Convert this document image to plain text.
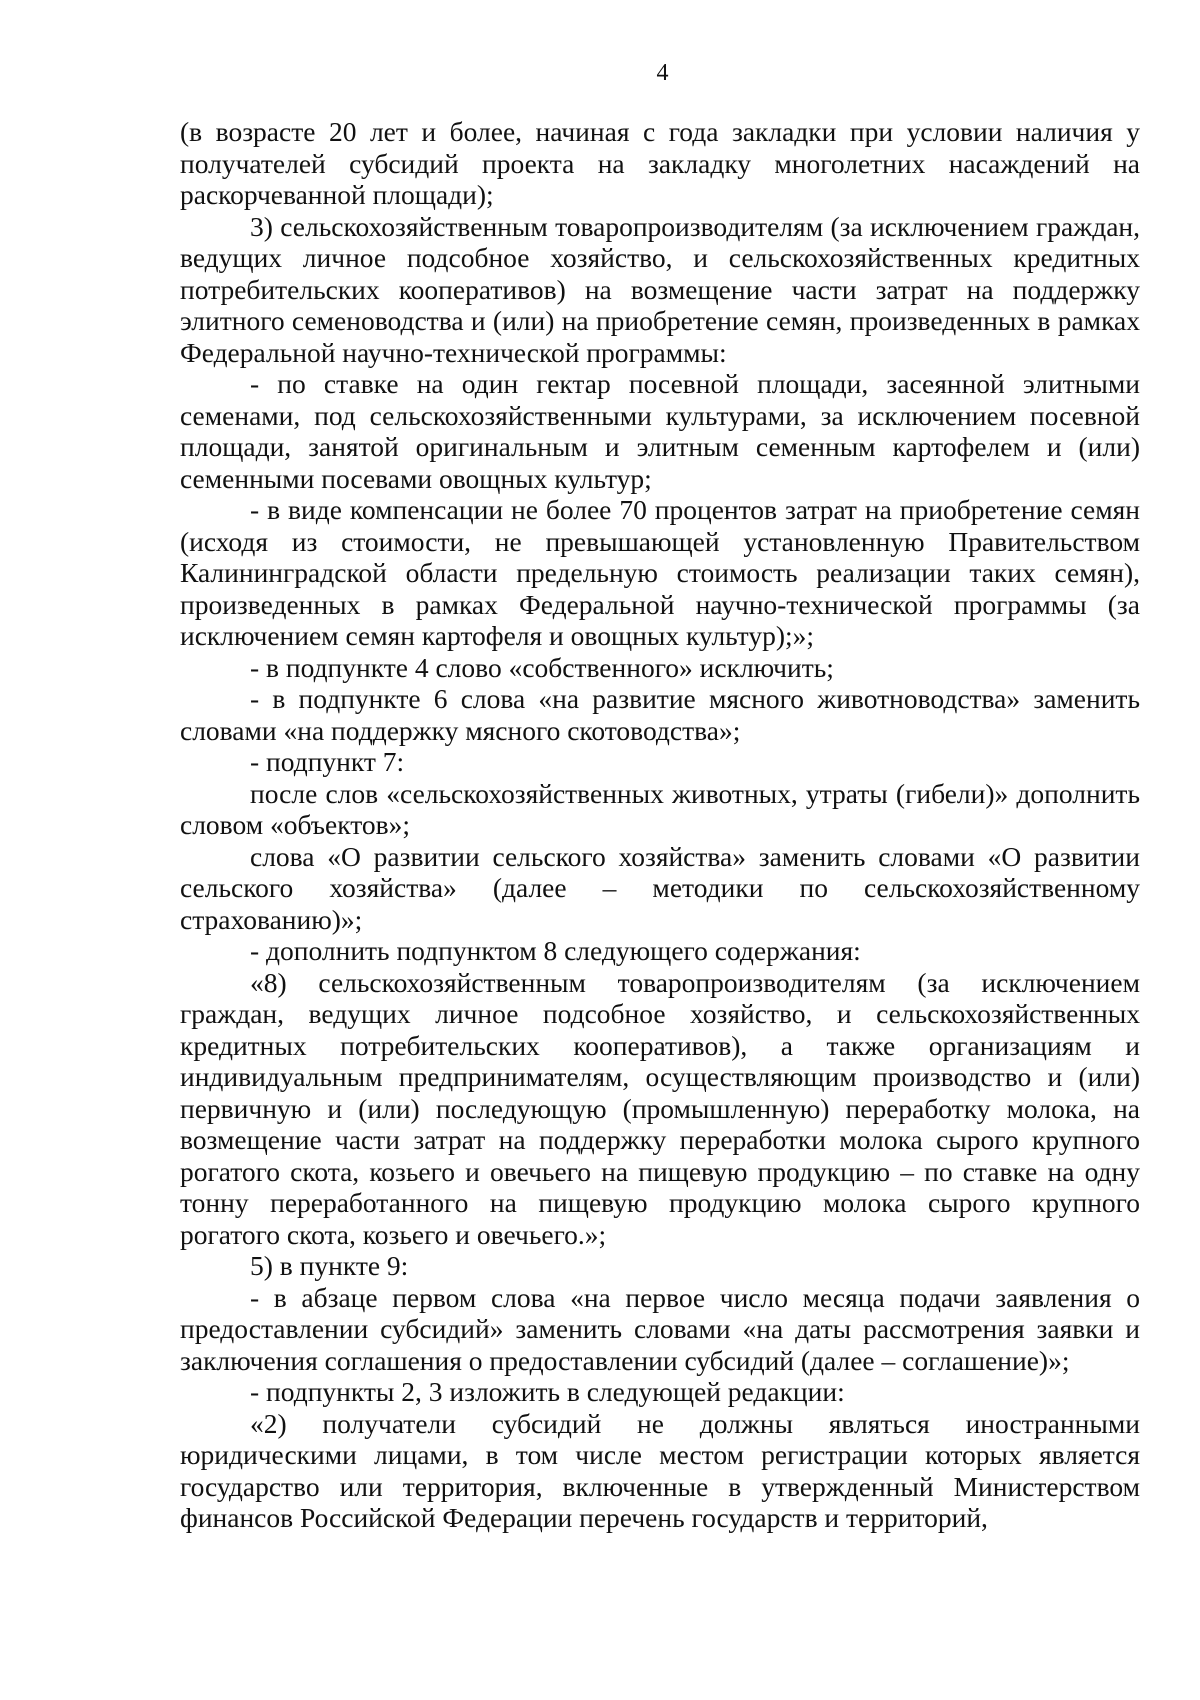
4

(в возрасте 20 лет и более, начиная с года закладки при условии наличия у получателей субсидий проекта на закладку многолетних насаждений на раскорчеванной площади);

3) сельскохозяйственным товаропроизводителям (за исключением граждан, ведущих личное подсобное хозяйство, и сельскохозяйственных кредитных потребительских кооперативов) на возмещение части затрат на поддержку элитного семеноводства и (или) на приобретение семян, произведенных в рамках Федеральной научно-технической программы:

- по ставке на один гектар посевной площади, засеянной элитными семенами, под сельскохозяйственными культурами, за исключением посевной площади, занятой оригинальным и элитным семенным картофелем и (или) семенными посевами овощных культур;

- в виде компенсации не более 70 процентов затрат на приобретение семян (исходя из стоимости, не превышающей установленную Правительством Калининградской области предельную стоимость реализации таких семян), произведенных в рамках Федеральной научно-технической программы (за исключением семян картофеля и овощных культур);»;

- в подпункте 4 слово «собственного» исключить;

- в подпункте 6 слова «на развитие мясного животноводства» заменить словами «на поддержку мясного скотоводства»;

- подпункт 7:

после слов «сельскохозяйственных животных, утраты (гибели)» дополнить словом «объектов»;

слова «О развитии сельского хозяйства» заменить словами «О развитии сельского хозяйства» (далее – методики по сельскохозяйственному страхованию)»;

- дополнить подпунктом 8 следующего содержания:

«8) сельскохозяйственным товаропроизводителям (за исключением граждан, ведущих личное подсобное хозяйство, и сельскохозяйственных кредитных потребительских кооперативов), а также организациям и индивидуальным предпринимателям, осуществляющим производство и (или) первичную и (или) последующую (промышленную) переработку молока, на возмещение части затрат на поддержку переработки молока сырого крупного рогатого скота, козьего и овечьего на пищевую продукцию – по ставке на одну тонну переработанного на пищевую продукцию молока сырого крупного рогатого скота, козьего и овечьего.»;

5) в пункте 9:

- в абзаце первом слова «на первое число месяца подачи заявления о предоставлении субсидий» заменить словами «на даты рассмотрения заявки и заключения соглашения о предоставлении субсидий (далее – соглашение)»;

- подпункты 2, 3 изложить в следующей редакции:

«2) получатели субсидий не должны являться иностранными юридическими лицами, в том числе местом регистрации которых является государство или территория, включенные в утвержденный Министерством финансов Российской Федерации перечень государств и территорий,
